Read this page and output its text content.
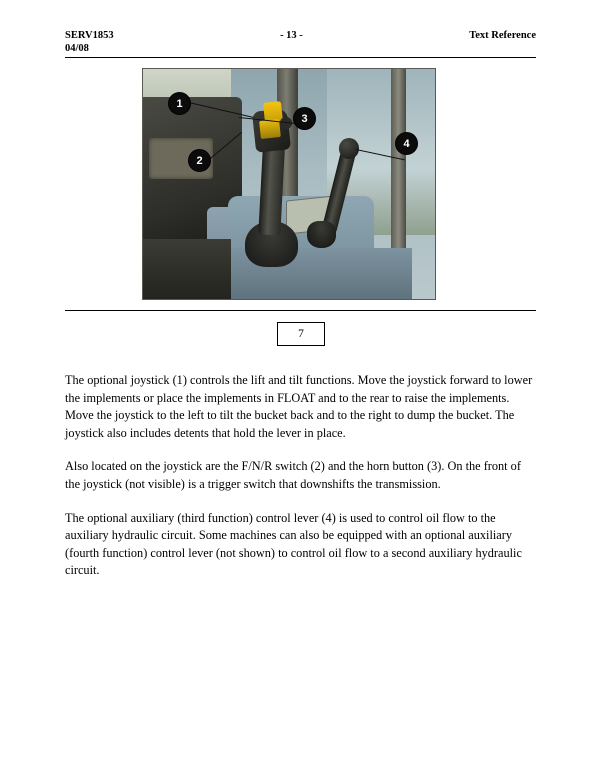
SERV1853
04/08
- 13 -	Text Reference
1
2
3
4
7

The optional joystick (1) controls the lift and tilt functions. Move the joystick forward to lower the implements or place the implements in FLOAT and to the rear to raise the implements. Move the joystick to the left to tilt the bucket back and to the right to dump the bucket. The joystick also includes detents that hold the lever in place.

Also located on the joystick are the F/N/R switch (2) and the horn button (3). On the front of the joystick (not visible) is a trigger switch that downshifts the transmission.

The optional auxiliary (third function) control lever (4) is used to control oil flow to the auxiliary hydraulic circuit. Some machines can also be equipped with an optional auxiliary (fourth function) control lever (not shown) to control oil flow to a second auxiliary hydraulic circuit.
